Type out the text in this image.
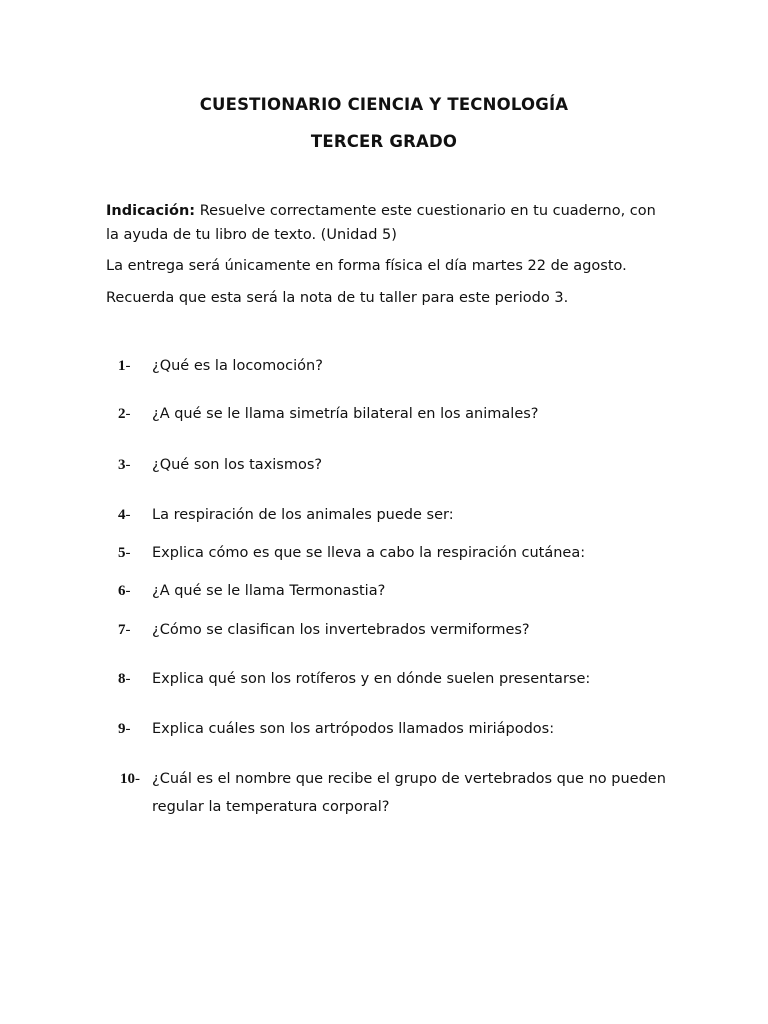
CUESTIONARIO CIENCIA Y TECNOLOGÍA
TERCER GRADO
Indicación: Resuelve correctamente este cuestionario en tu cuaderno, con la ayuda de tu libro de texto. (Unidad 5)
La entrega será únicamente en forma física el día martes 22 de agosto.
Recuerda que esta será la nota de tu taller para este periodo 3.
1- ¿Qué es la locomoción?
2- ¿A qué se le llama simetría bilateral en los animales?
3- ¿Qué son los taxismos?
4- La respiración de los animales puede ser:
5- Explica cómo es que se lleva a cabo la respiración cutánea:
6- ¿A qué se le llama Termonastia?
7- ¿Cómo se clasifican los invertebrados vermiformes?
8- Explica qué son los rotíferos y en dónde suelen presentarse:
9- Explica cuáles son los artrópodos llamados miriápodos:
10- ¿Cuál es el nombre que recibe el grupo de vertebrados que no pueden regular la temperatura corporal?
